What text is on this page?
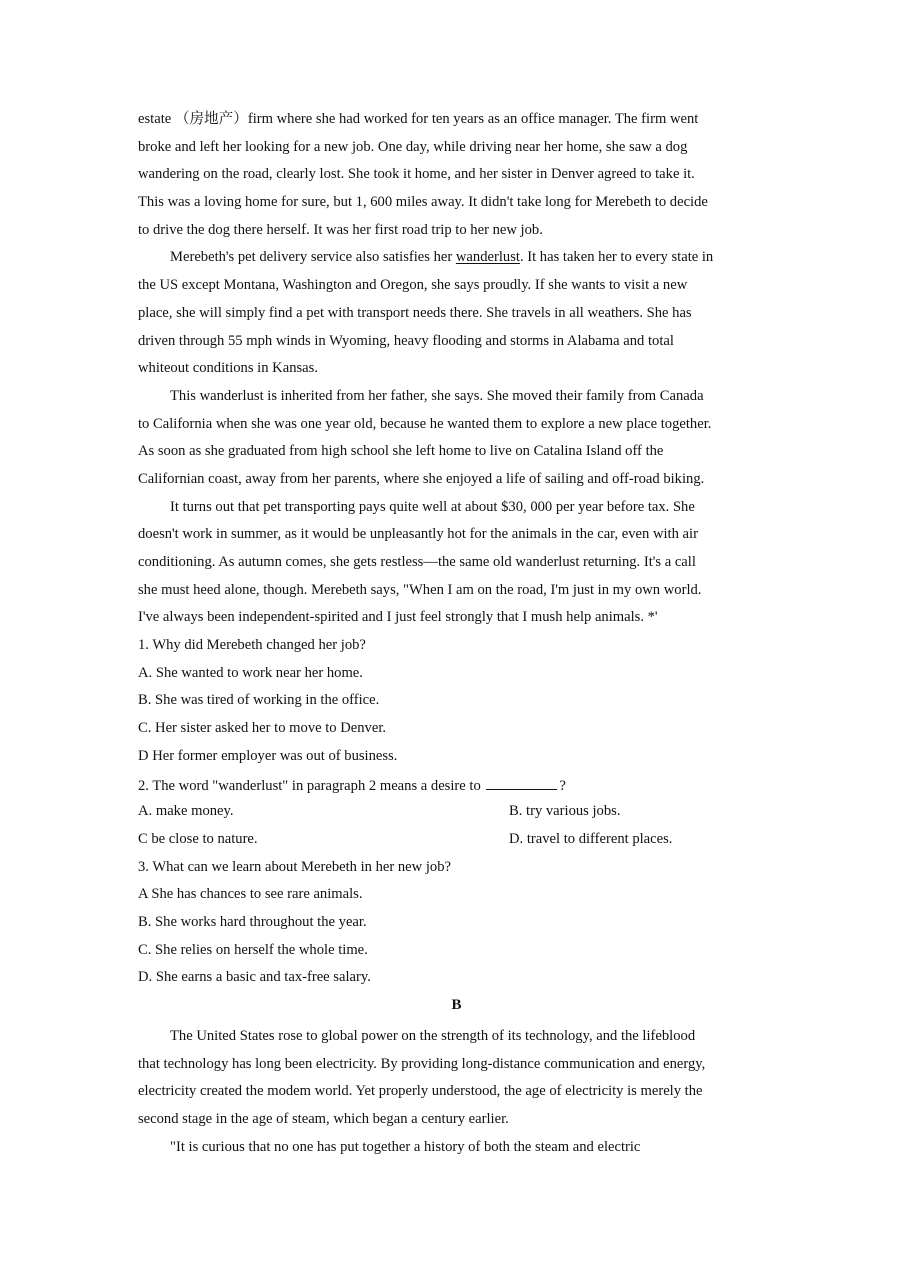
estate （房地产）firm where she had worked for ten years as an office manager. The firm went
broke and left her looking for a new job. One day, while driving near her home, she saw a dog
wandering on the road, clearly lost. She took it home, and her sister in Denver agreed to take it.
This was a loving home for sure, but 1, 600 miles away. It didn't take long for Merebeth to decide
to drive the dog there herself. It was her first road trip to her new job.
Merebeth's pet delivery service also satisfies her wanderlust. It has taken her to every state in
the US except Montana, Washington and Oregon, she says proudly. If she wants to visit a new
place, she will simply find a pet with transport needs there. She travels in all weathers. She has
driven through 55 mph winds in Wyoming, heavy flooding and storms in Alabama and total
whiteout conditions in Kansas.
This wanderlust is inherited from her father, she says. She moved their family from Canada
to California when she was one year old, because he wanted them to explore a new place together.
As soon as she graduated from high school she left home to live on Catalina Island off the
Californian coast, away from her parents, where she enjoyed a life of sailing and off-road biking.
It turns out that pet transporting pays quite well at about $30, 000 per year before tax. She
doesn't work in summer, as it would be unpleasantly hot for the animals in the car, even with air
conditioning. As autumn comes, she gets restless—the same old wanderlust returning. It's a call
she must heed alone, though. Merebeth says, "When I am on the road, I'm just in my own world.
I've always been independent-spirited and I just feel strongly that I mush help animals. *'
1. Why did Merebeth changed her job?
A. She wanted to work near her home.
B. She was tired of working in the office.
C. Her sister asked her to move to Denver.
D Her former employer was out of business.
2. The word "wanderlust" in paragraph 2 means a desire to	?
A. make money.	B. try various jobs.
C be close to nature.	D. travel to different places.
3. What can we learn about Merebeth in her new job?
A She has chances to see rare animals.
B. She works hard throughout the year.
C. She relies on herself the whole time.
D. She earns a basic and tax-free salary.
B
The United States rose to global power on the strength of its technology, and the lifeblood
that technology has long been electricity. By providing long-distance communication and energy,
electricity created the modem world. Yet properly understood, the age of electricity is merely the
second stage in the age of steam, which began a century earlier.
"It is curious that no one has put together a history of both the steam and electric
